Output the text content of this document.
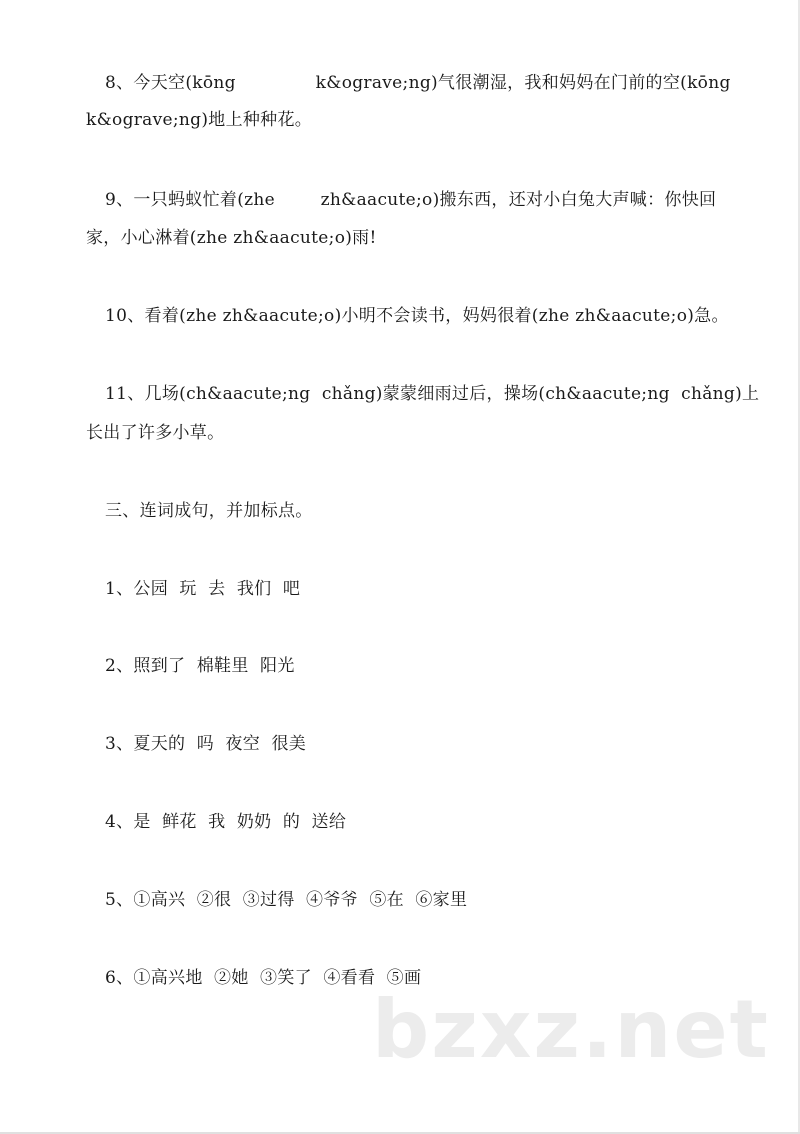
8、今天空(kōng              k&ograve;ng)气很潮湿，我和妈妈在门前的空(kōng
k&ograve;ng)地上种种花。
9、一只蚂蚁忙着(zhe        zh&aacute;o)搬东西，还对小白兔大声喊：你快回
家，小心淋着(zhe zh&aacute;o)雨!
10、看着(zhe zh&aacute;o)小明不会读书，妈妈很着(zhe zh&aacute;o)急。
11、几场(ch&aacute;ng  chǎng)蒙蒙细雨过后，操场(ch&aacute;ng  chǎng)上
长出了许多小草。
三、连词成句，并加标点。
1、公园  玩  去  我们  吧
2、照到了  棉鞋里  阳光
3、夏天的  吗  夜空  很美
4、是  鲜花  我  奶奶  的  送给
5、①高兴  ②很  ③过得  ④爷爷  ⑤在  ⑥家里
6、①高兴地  ②她  ③笑了  ④看看  ⑤画
bzxz.net
